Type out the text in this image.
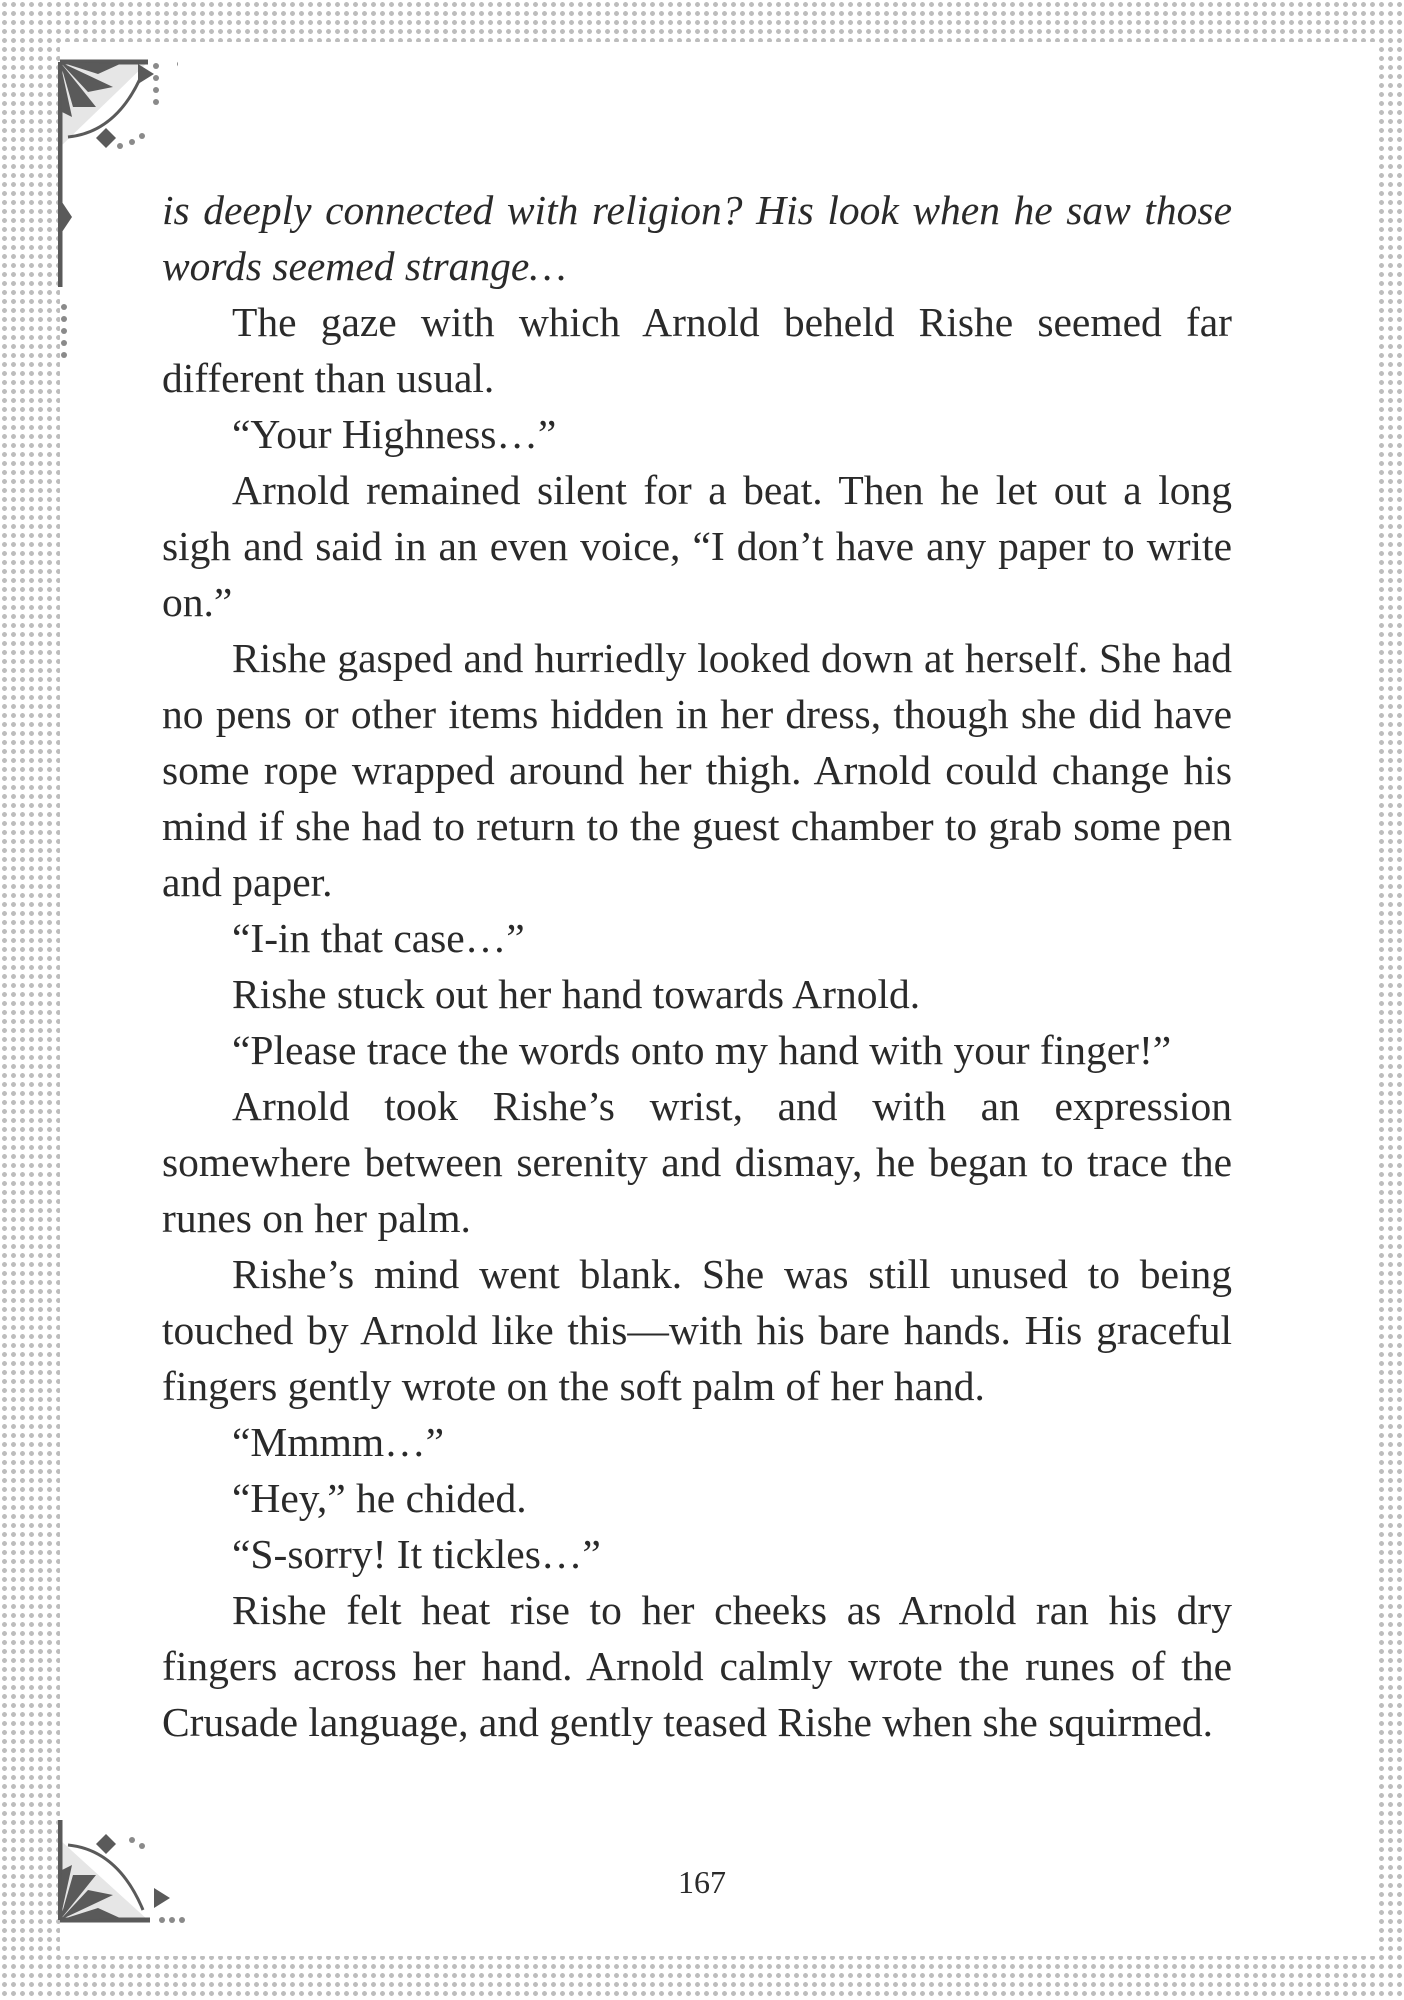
is deeply connected with religion? His look when he saw those words seemed strange…

The gaze with which Arnold beheld Rishe seemed far different than usual.

“Your Highness…”

Arnold remained silent for a beat. Then he let out a long sigh and said in an even voice, “I don’t have any paper to write on.”

Rishe gasped and hurriedly looked down at herself. She had no pens or other items hidden in her dress, though she did have some rope wrapped around her thigh. Arnold could change his mind if she had to return to the guest chamber to grab some pen and paper.

“I-in that case…”

Rishe stuck out her hand towards Arnold.

“Please trace the words onto my hand with your finger!”

Arnold took Rishe’s wrist, and with an expression somewhere between serenity and dismay, he began to trace the runes on her palm.

Rishe’s mind went blank. She was still unused to being touched by Arnold like this—with his bare hands. His graceful fingers gently wrote on the soft palm of her hand.

“Mmmm…”

“Hey,” he chided.

“S-sorry! It tickles…”

Rishe felt heat rise to her cheeks as Arnold ran his dry fingers across her hand. Arnold calmly wrote the runes of the Crusade language, and gently teased Rishe when she squirmed.

167
